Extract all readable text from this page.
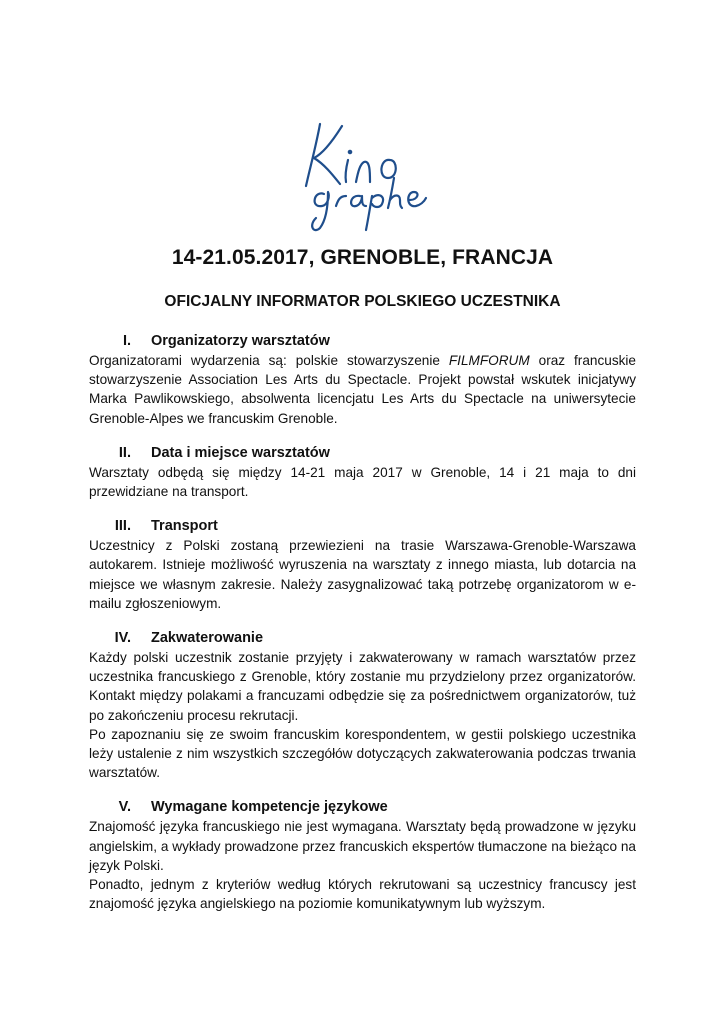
14-21.05.2017, GRENOBLE, FRANCJA
OFICJALNY INFORMATOR POLSKIEGO UCZESTNIKA
I. Organizatorzy warsztatów

Organizatorami wydarzenia są: polskie stowarzyszenie FILMFORUM oraz francuskie stowarzyszenie Association Les Arts du Spectacle. Projekt powstał wskutek inicjatywy Marka Pawlikowskiego, absolwenta licencjatu Les Arts du Spectacle na uniwersytecie Grenoble-Alpes we francuskim Grenoble.

II. Data i miejsce warsztatów

Warsztaty odbędą się między 14-21 maja 2017 w Grenoble, 14 i 21 maja to dni przewidziane na transport.

III. Transport

Uczestnicy z Polski zostaną przewiezieni na trasie Warszawa-Grenoble-Warszawa autokarem. Istnieje możliwość wyruszenia na warsztaty z innego miasta, lub dotarcia na miejsce we własnym zakresie. Należy zasygnalizować taką potrzebę organizatorom w e-mailu zgłoszeniowym.

IV. Zakwaterowanie

Każdy polski uczestnik zostanie przyjęty i zakwaterowany w ramach warsztatów przez uczestnika francuskiego z Grenoble, który zostanie mu przydzielony przez organizatorów. Kontakt między polakami a francuzami odbędzie się za pośrednictwem organizatorów, tuż po zakończeniu procesu rekrutacji.

Po zapoznaniu się ze swoim francuskim korespondentem, w gestii polskiego uczestnika leży ustalenie z nim wszystkich szczegółów dotyczących zakwaterowania podczas trwania warsztatów.

V. Wymagane kompetencje językowe

Znajomość języka francuskiego nie jest wymagana. Warsztaty będą prowadzone w języku angielskim, a wykłady prowadzone przez francuskich ekspertów tłumaczone na bieżąco na język Polski.

Ponadto, jednym z kryteriów według których rekrutowani są uczestnicy francuscy jest znajomość języka angielskiego na poziomie komunikatywnym lub wyższym.
